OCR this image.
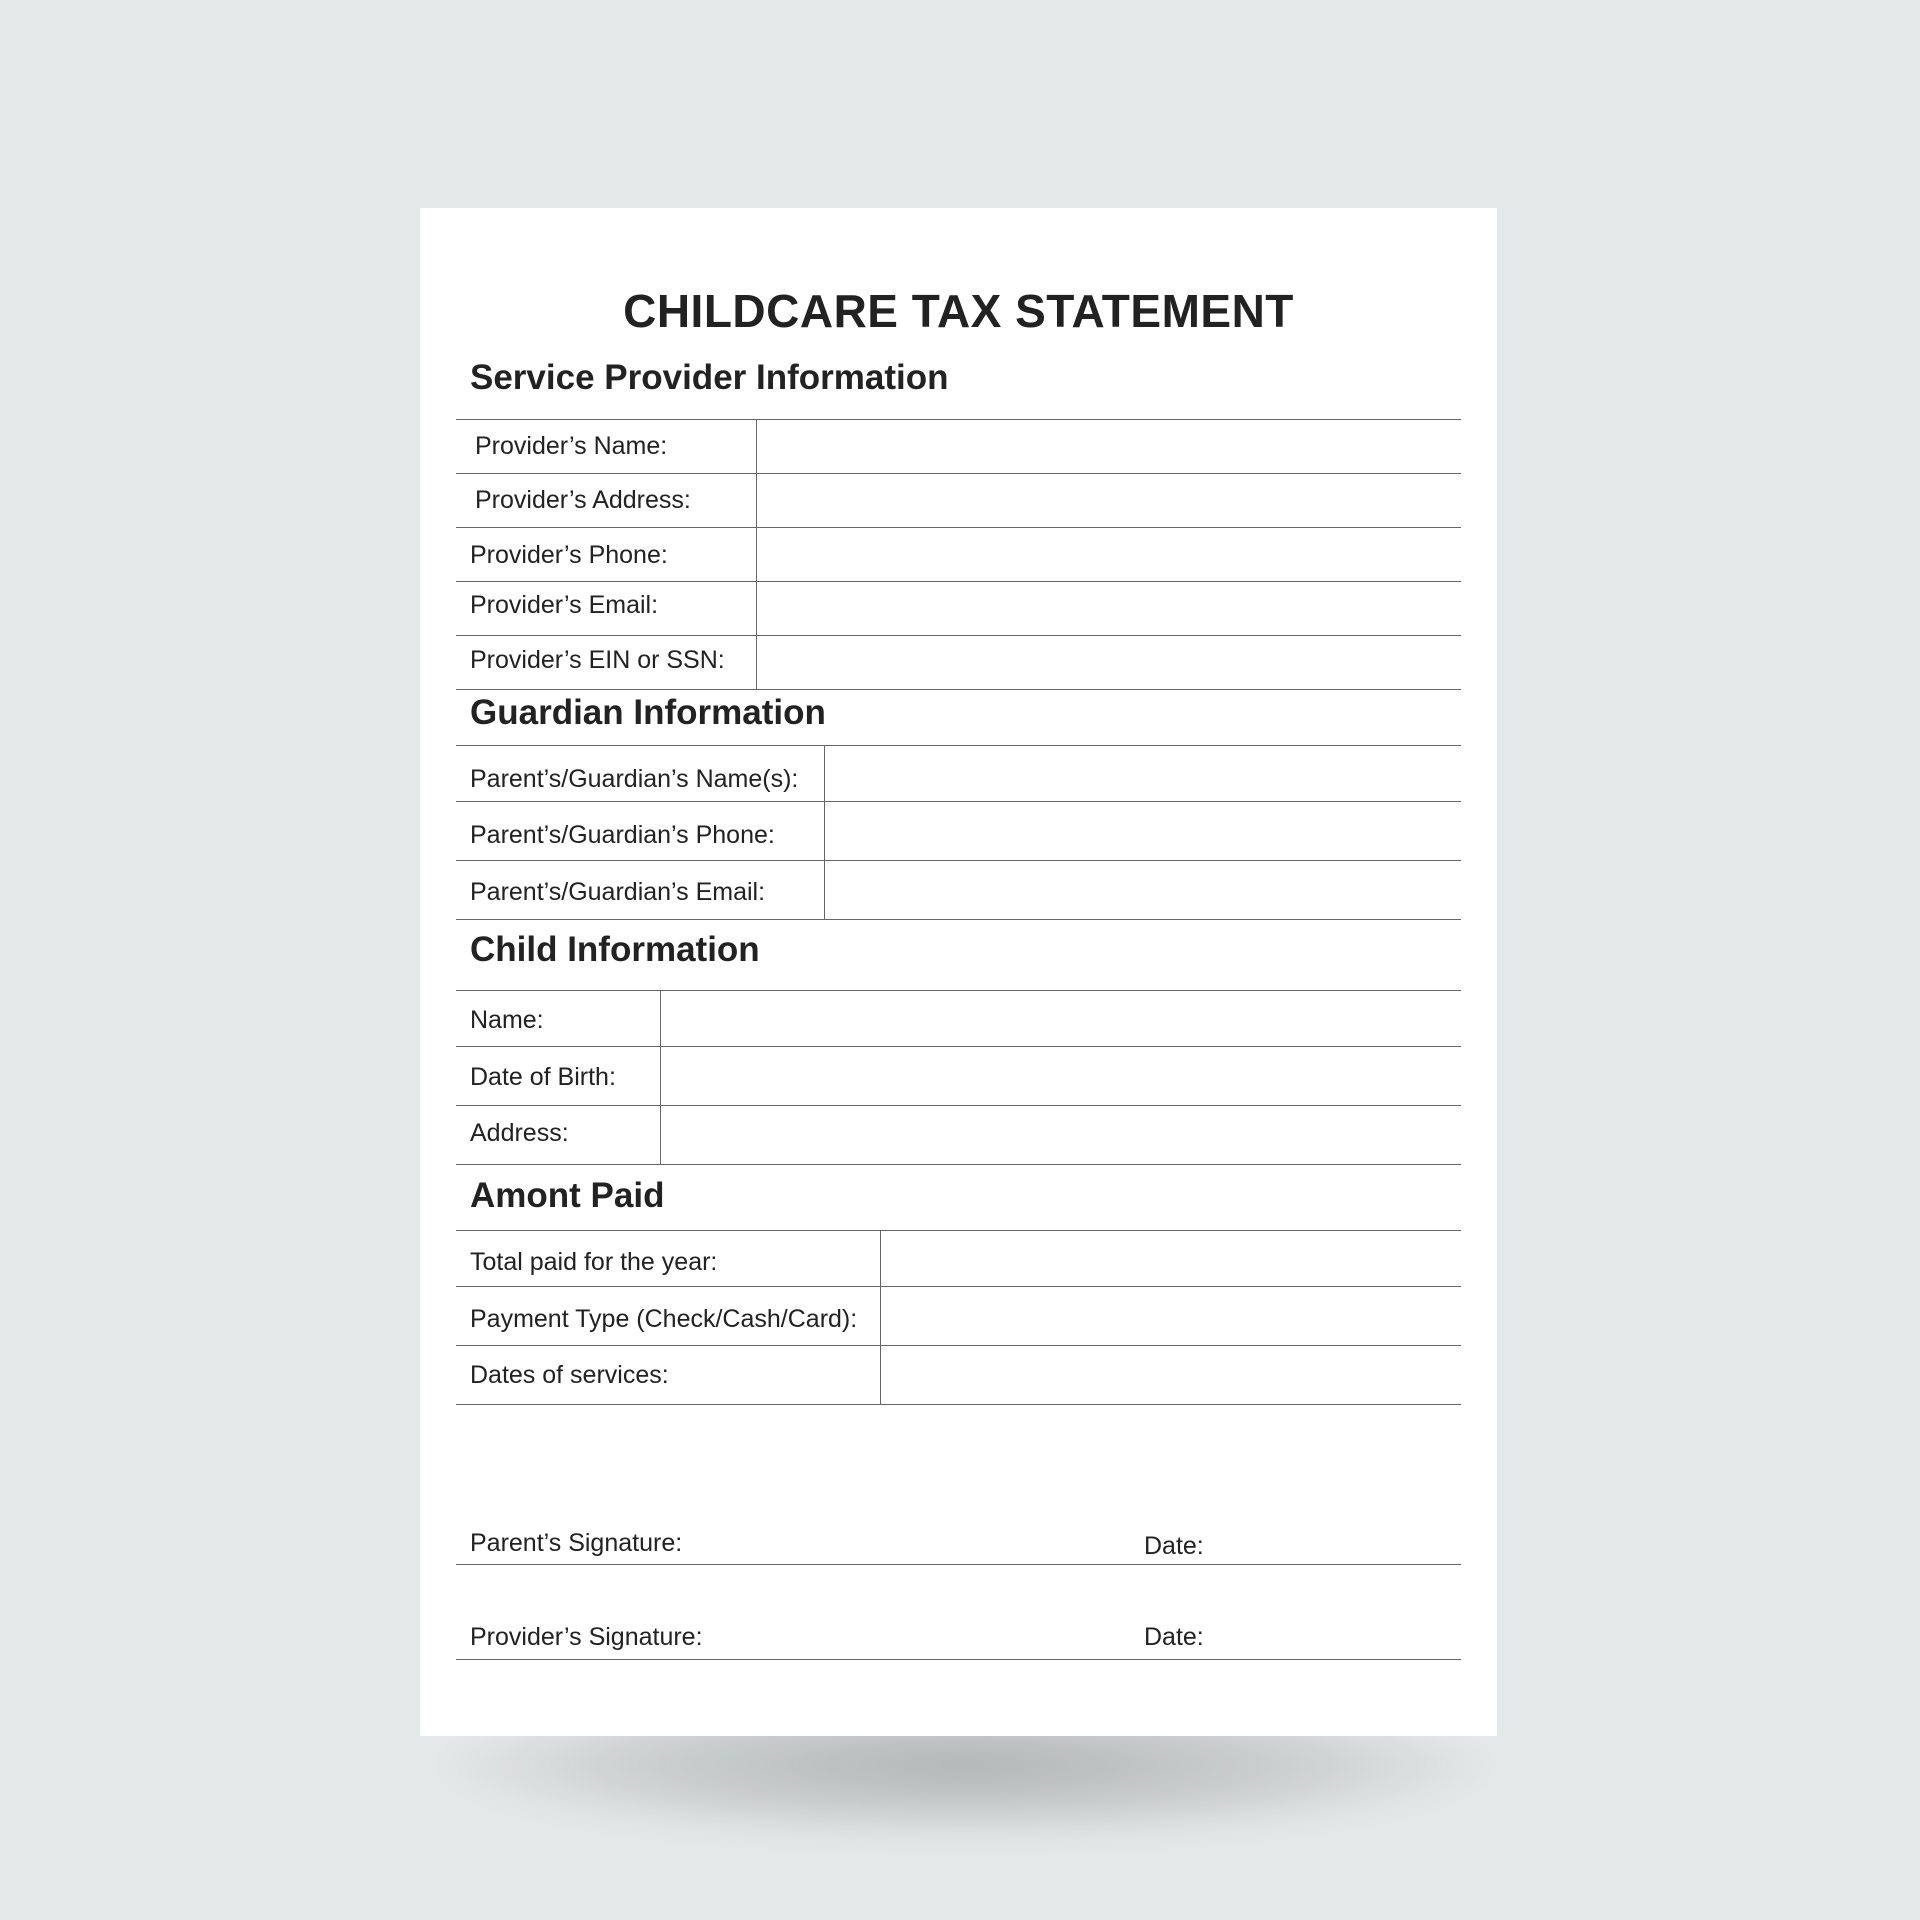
CHILDCARE TAX STATEMENT
Service Provider Information
Provider’s Name:
Provider’s Address:
Provider’s Phone:
Provider’s Email:
Provider’s EIN or SSN:
Guardian Information
Parent’s/Guardian’s Name(s):
Parent’s/Guardian’s Phone:
Parent’s/Guardian’s Email:
Child Information
Name:
Date of Birth:
Address:
Amont Paid
Total paid for the year:
Payment Type (Check/Cash/Card):
Dates of services:
Parent’s Signature:	Date:
Provider’s Signature:	Date:
